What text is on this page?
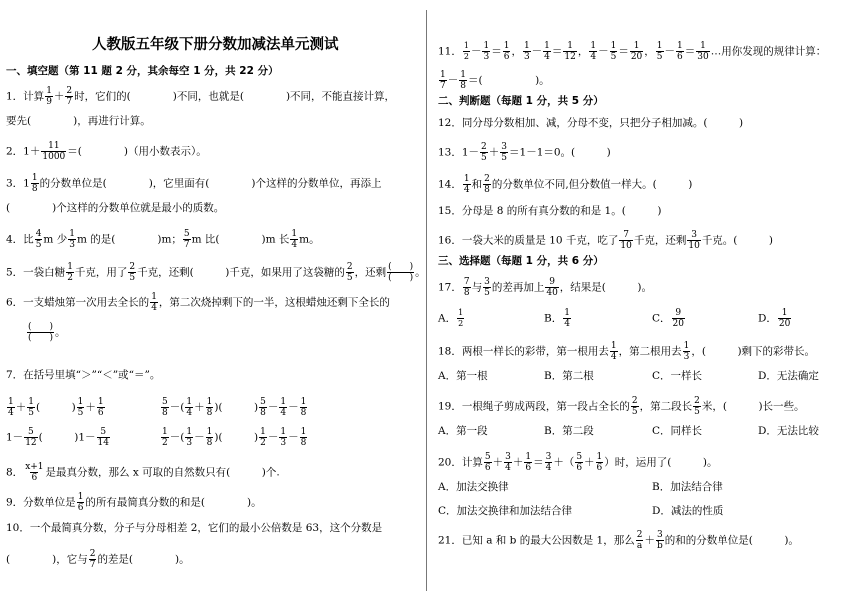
人教版五年级下册分数加减法单元测试
一、填空题（第 11 题 2 分，其余每空 1 分，共 22 分）
1．计算 $\frac{1}{9} + \frac{2}{7}$ 时，它们的(　　　　)不同，也就是(　　　　)不同，不能直接计算，
要先(　　　　)，再进行计算。
2．$1+ \frac{11}{1000}$ ＝(　　　　)（用小数表示）。
3．$1 \frac{1}{8}$ 的分数单位是(　　　　)，它里面有(　　　　)个这样的分数单位，再添上
(　　　　)个这样的分数单位就是最小的质数。
4．比 $\frac{4}{5}$ m 少 $\frac{1}{3}$ m 的是(　　　　)m； $\frac{5}{7}$ m 比(　　　　)m 长 $\frac{1}{4}$ m。
5．一袋白糖 $\frac{1}{2}$ 千克，用了 $\frac{2}{5}$ 千克，还剩(　　　)千克，如果用了这袋糖的 $\frac{2}{5}$ ，还剩 $\frac{( )}{( )}$ 。
6．一支蜡烛第一次用去全长的 $\frac{1}{4}$ ，第二次烧掉剩下的一半，这根蜡烛还剩下全长的
$\frac{( )}{( )}$ 。
7．在括号里填“＞”“＜”或“＝”。
$\frac{1}{4} + \frac{1}{5}$ (　　　) $\frac{1}{5} + \frac{1}{6}$	$\frac{5}{8}$ －( $\frac{1}{4} + \frac{1}{8}$ )(　　　) $\frac{5}{8} - \frac{1}{4} - \frac{1}{8}$
$1- \frac{5}{12}$ (　　　)$1- \frac{5}{14}$	$\frac{1}{2}$ －( $\frac{1}{3} - \frac{1}{8}$ )(　　　) $\frac{1}{2} - \frac{1}{3} - \frac{1}{8}$
8． $\frac{x+1}{6}$ 是最真分数，那么 x 可取的自然数只有(　　　)个.
9．分数单位是 $\frac{1}{6}$ 的所有最简真分数的和是(　　　　)。
10．一个最简真分数，分子与分母相差 2，它们的最小公倍数是 63，这个分数是
(　　　　)，它与 $\frac{2}{7}$ 的差是(　　　　)。
11． $\frac{1}{2} - \frac{1}{3} = \frac{1}{6}$ ， $\frac{1}{3} - \frac{1}{4} = \frac{1}{12}$ ， $\frac{1}{4} - \frac{1}{5} = \frac{1}{20}$ ， $\frac{1}{5} - \frac{1}{6} = \frac{1}{30}$ …用你发现的规律计算：
$\frac{1}{7} - \frac{1}{8}$ ＝(　　　　　)。
二、判断题（每题 1 分，共 5 分）
12．同分母分数相加、减，分母不变，只把分子相加减。(　　　)
13．$1- \frac{2}{5} + \frac{3}{5} =1-1=0$。(　　　)
14． $\frac{1}{4}$ 和 $\frac{2}{8}$ 的分数单位不同,但分数值一样大。(　　　)
15．分母是 8 的所有真分数的和是 1。(　　　)
16．一袋大米的质量是 10 千克，吃了 $\frac{7}{10}$ 千克，还剩 $\frac{3}{10}$ 千克。(　　　)
三、选择题（每题 1 分，共 6 分）
17． $\frac{7}{8}$ 与 $\frac{3}{5}$ 的差再加上 $\frac{9}{40}$ ，结果是(　　　)。
A． $\frac{1}{2}$	B． $\frac{1}{4}$	C． $\frac{9}{20}$	D． $\frac{1}{20}$
18．两根一样长的彩带，第一根用去 $\frac{1}{4}$ ，第二根用去 $\frac{1}{3}$ ，(　　　)剩下的彩带长。
A．第一根	B．第二根	C．一样长	D．无法确定
19．一根绳子剪成两段，第一段占全长的 $\frac{2}{5}$ ，第二段长 $\frac{2}{5}$ 米，(　　　)长一些。
A．第一段	B．第二段	C．同样长	D．无法比较
20．计算 $\frac{5}{6} + \frac{3}{4} + \frac{1}{6} = \frac{3}{4}$ ＋（ $\frac{5}{6} + \frac{1}{6}$ ）时，运用了(　　　)。
A．加法交换律	B．加法结合律
C．加法交换律和加法结合律	D．减法的性质
21．已知 a 和 b 的最大公因数是 1，那么 $\frac{2}{a} + \frac{3}{b}$ 的和的分数单位是(　　　)。
